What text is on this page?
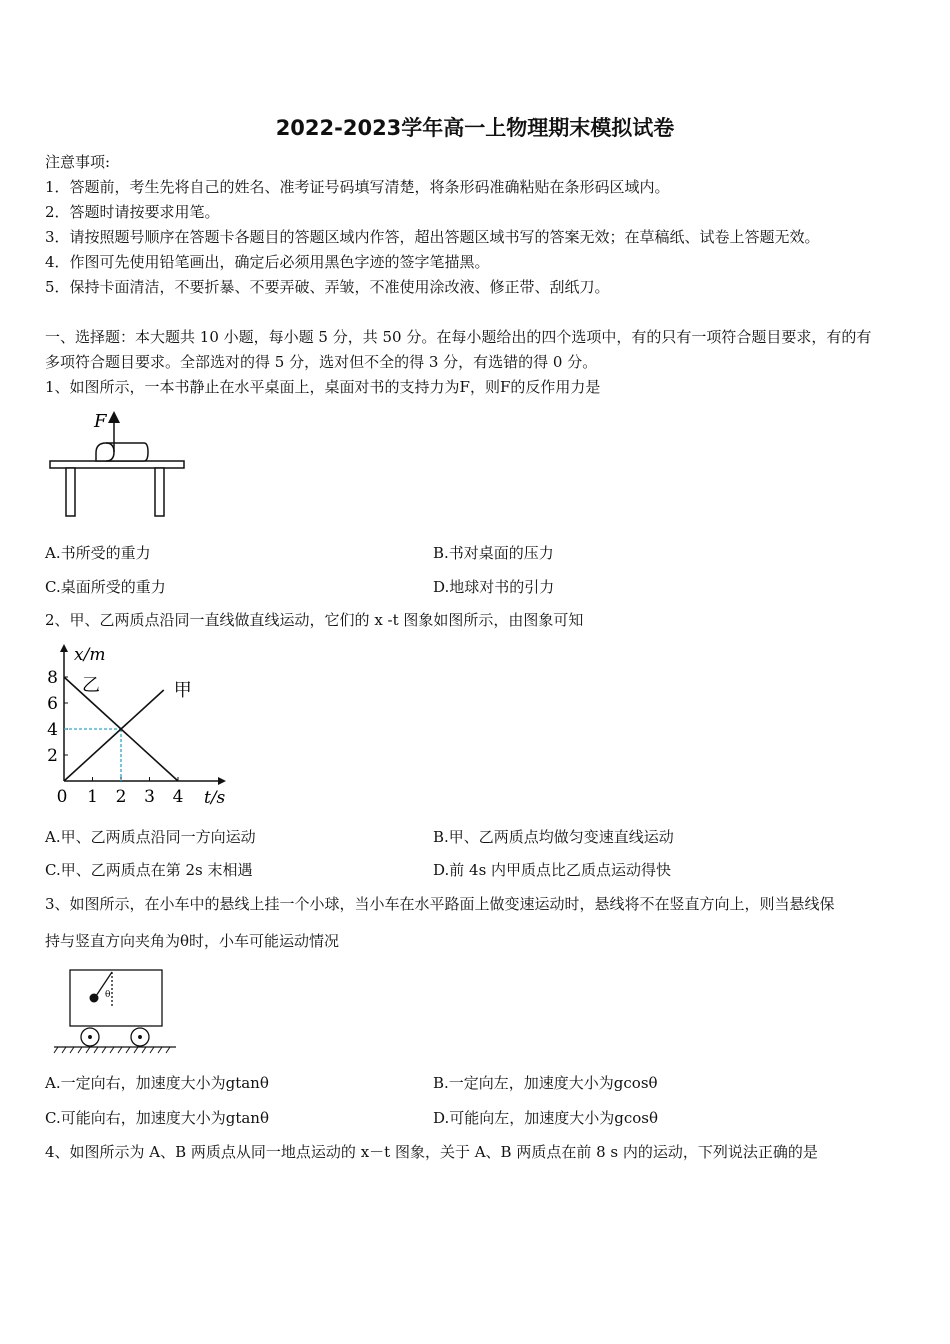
2022-2023学年高一上物理期末模拟试卷
注意事项:
1．答题前，考生先将自己的姓名、准考证号码填写清楚，将条形码准确粘贴在条形码区域内。
2．答题时请按要求用笔。
3．请按照题号顺序在答题卡各题目的答题区域内作答，超出答题区域书写的答案无效；在草稿纸、试卷上答题无效。
4．作图可先使用铅笔画出，确定后必须用黑色字迹的签字笔描黑。
5．保持卡面清洁，不要折暴、不要弄破、弄皱，不准使用涂改液、修正带、刮纸刀。
一、选择题：本大题共 10 小题，每小题 5 分，共 50 分。在每小题给出的四个选项中，有的只有一项符合题目要求，有的有
多项符合题目要求。全部选对的得 5 分，选对但不全的得 3 分，有选错的得 0 分。
1、如图所示，一本书静止在水平桌面上，桌面对书的支持力为F，则F的反作用力是
F
A.书所受的重力	B.书对桌面的压力
C.桌面所受的重力	D.地球对书的引力
2、甲、乙两质点沿同一直线做直线运动，它们的 x -t 图象如图所示，由图象可知
x/m
t/s
0 1 2 3 4
2
4
6
8 乙	甲
A.甲、乙两质点沿同一方向运动	B.甲、乙两质点均做匀变速直线运动
C.甲、乙两质点在第 2s 末相遇	D.前 4s 内甲质点比乙质点运动得快
3、如图所示，在小车中的悬线上挂一个小球，当小车在水平路面上做变速运动时，悬线将不在竖直方向上，则当悬线保
持与竖直方向夹角为θ时，小车可能运动情况
θ
A.一定向右，加速度大小为gtanθ	B.一定向左，加速度大小为gcosθ
C.可能向右，加速度大小为gtanθ	D.可能向左，加速度大小为gcosθ
4、如图所示为 A、B 两质点从同一地点运动的 x－t 图象，关于 A、B 两质点在前 8 s 内的运动，下列说法正确的是
